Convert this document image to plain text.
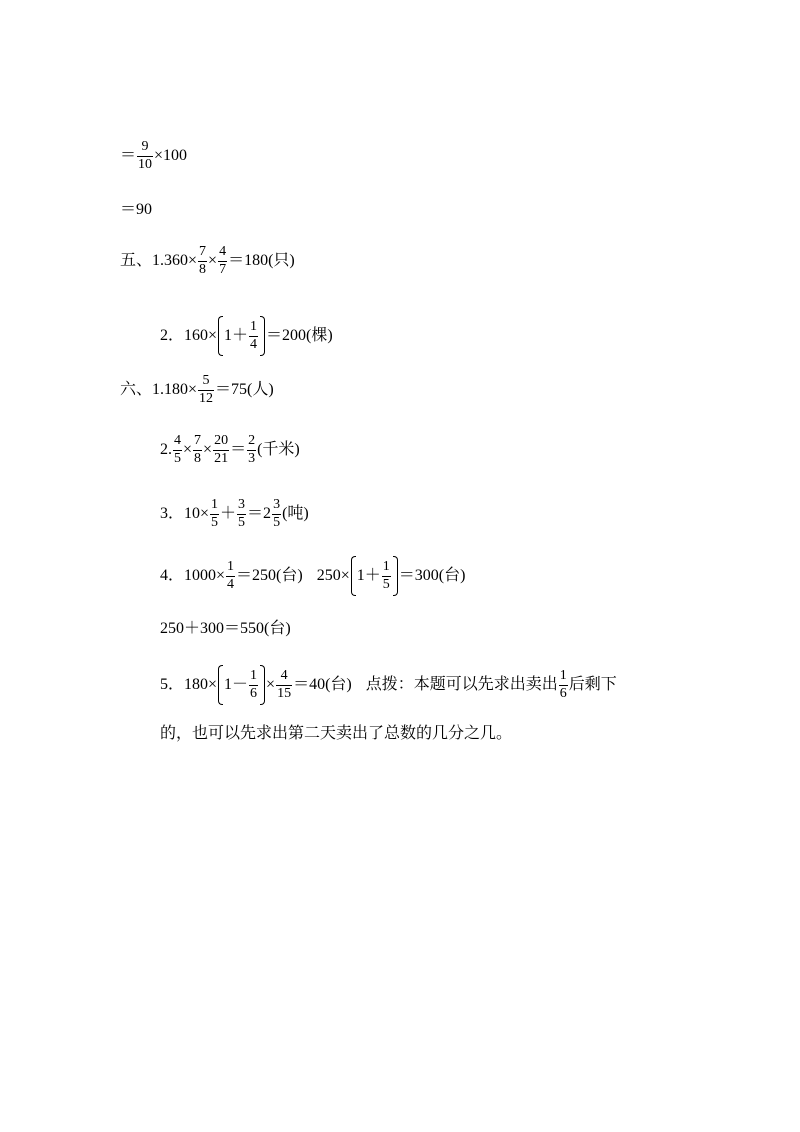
＝ $\frac{9}{10} \times 100$
＝90
五、$1.360\times \frac{7}{8} \times \frac{4}{7} =180$(只)
2．$160\times 1+ \frac{1}{4} =200$(棵)
六、$1.180\times \frac{5}{12} =75$(人)
2. $\frac{4}{5} \times \frac{7}{8} \times \frac{20}{21} = \frac{2}{3}$ (千米)
3．$10\times \frac{1}{5} + \frac{3}{5} =2 \frac{3}{5}$ (吨)
4．$1000\times \frac{1}{4} =250$(台) $250\times 1+ \frac{1}{5} =300$(台)
250＋300＝550(台)
5．$180\times 1- \frac{1}{6} \times \frac{4}{15} =40$(台) 点拨：本题可以先求出卖出 $\frac{1}{6}$ 后剩下
的，也可以先求出第二天卖出了总数的几分之几。
